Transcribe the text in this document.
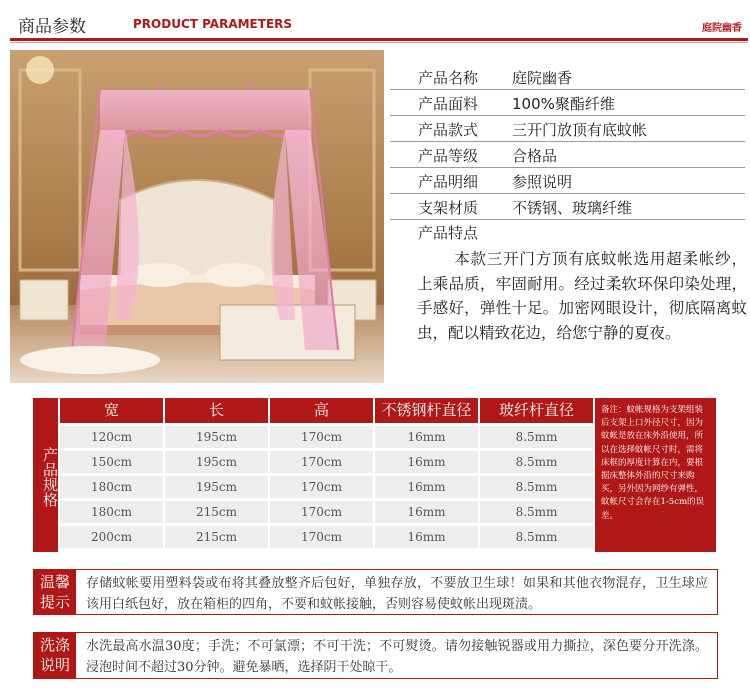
商品参数	PRODUCT PARAMETERS	庭院幽香
产品名称 庭院幽香
产品面料 100%聚酯纤维
产品款式 三开门放顶有底蚊帐
产品等级 合格品
产品明细 参照说明
支架材质 不锈钢、玻璃纤维
产品特点
本款三开门方顶有底蚊帐选用超柔帐纱，上乘品质，牢固耐用。经过柔软环保印染处理，手感好，弹性十足。加密网眼设计，彻底隔离蚊虫，配以精致花边，给您宁静的夏夜。
产品规格
宽	长	高	不锈钢杆直径	玻纤杆直径
120cm	195cm	170cm	16mm	8.5mm
150cm	195cm	170cm	16mm	8.5mm
180cm	195cm	170cm	16mm	8.5mm
180cm	215cm	170cm	16mm	8.5mm
200cm	215cm	170cm	16mm	8.5mm
备注：蚊帐规格为支架组装后支架上口外径尺寸，因为蚊帐是放在床外沿使用，所以在选择蚊帐尺寸时，需将床框的厚度计算在内，要根据床整体外沿的尺寸来购买，另外因为网纱有弹性，蚊帐尺寸会存在1-5cm的误差。
温馨提示
存储蚊帐要用塑料袋或布将其叠放整齐后包好，单独存放，不要放卫生球！如果和其他衣物混存，卫生球应该用白纸包好，放在箱柜的四角，不要和蚊帐接触，否则容易使蚊帐出现斑渍。
洗涤说明
水洗最高水温30度；手洗；不可氯漂；不可干洗；不可熨烫。请勿接触锐器或用力撕拉，深色要分开洗涤。浸泡时间不超过30分钟。避免暴晒，选择阴干处晾干。
